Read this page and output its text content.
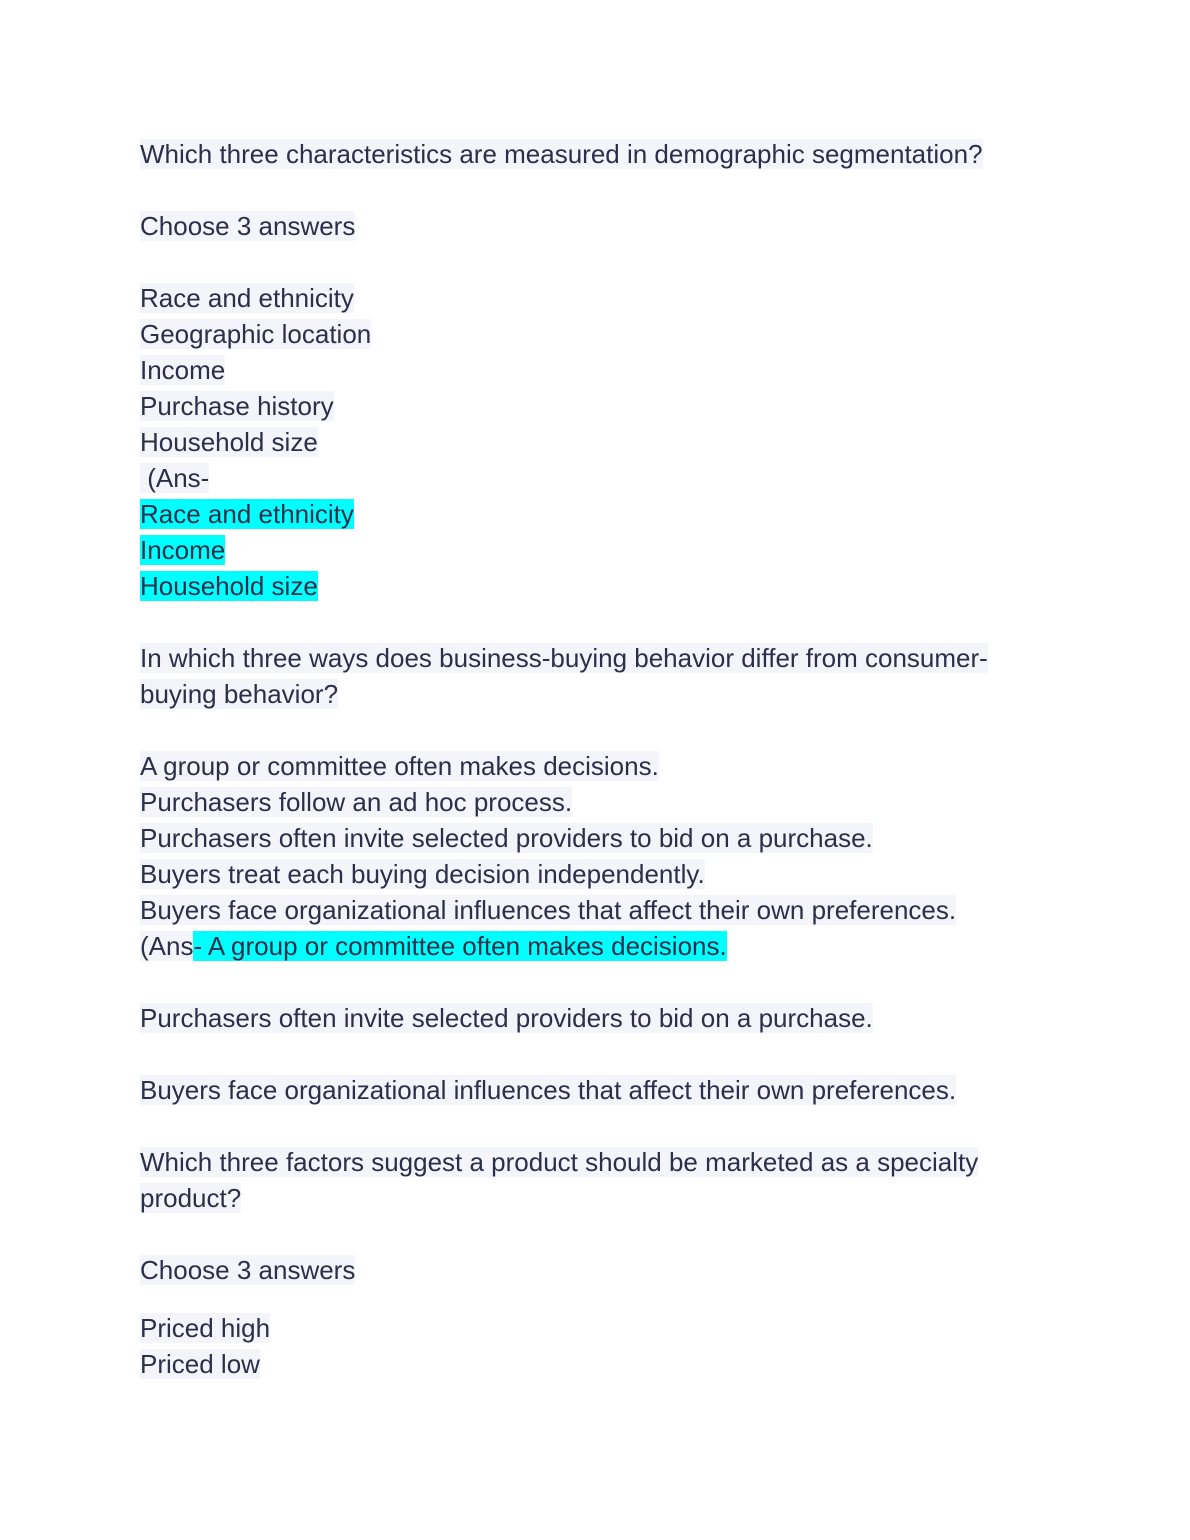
Which three characteristics are measured in demographic segmentation?
Choose 3 answers
Race and ethnicity
Geographic location
Income
Purchase history
Household size
(Ans-
Race and ethnicity
Income
Household size
In which three ways does business-buying behavior differ from consumer-
buying behavior?
A group or committee often makes decisions.
Purchasers follow an ad hoc process.
Purchasers often invite selected providers to bid on a purchase.
Buyers treat each buying decision independently.
Buyers face organizational influences that affect their own preferences.
(Ans- A group or committee often makes decisions.
Purchasers often invite selected providers to bid on a purchase.
Buyers face organizational influences that affect their own preferences.
Which three factors suggest a product should be marketed as a specialty
product?
Choose 3 answers
Priced high
Priced low
